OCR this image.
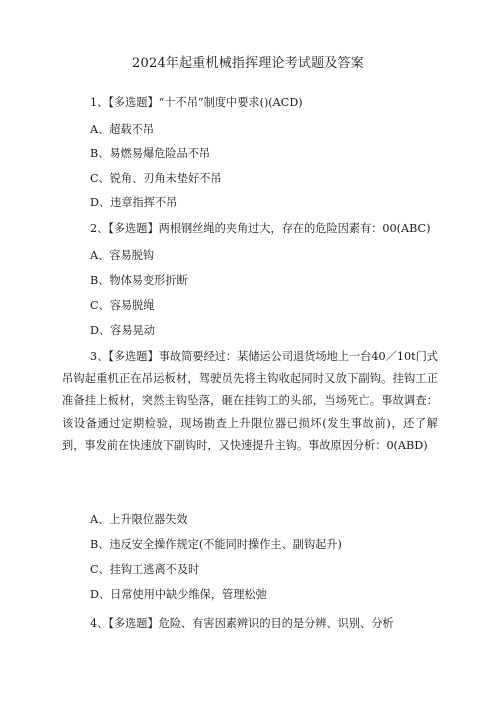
2024年起重机械指挥理论考试题及答案
1、【多选题】“十不吊”制度中要求()(ACD)
A、超载不吊
B、易燃易爆危险品不吊
C、锐角、刃角未垫好不吊
D、违章指挥不吊
2、【多选题】两根钢丝绳的夹角过大，存在的危险因素有：00(ABC)
A、容易脱钩
B、物体易变形折断
C、容易脱绳
D、容易晃动
3、【多选题】事故简要经过：某储运公司退货场地上一台40／10t门式吊钩起重机正在吊运板材，驾驶员先将主钩收起同时又放下副钩。挂钩工正准备挂上板材，突然主钩坠落，砸在挂钩工的头部，当场死亡。事故调查：该设备通过定期检验，现场勘查上升限位器已损坏(发生事故前)，还了解到，事发前在快速放下副钩时，又快速提升主钩。事故原因分析：0(ABD)
A、上升限位器失效
B、违反安全操作规定(不能同时操作主、副钩起升)
C、挂钩工逃离不及时
D、日常使用中缺少维保，管理松弛
4、【多选题】危险、有害因素辨识的目的是分辨、识别、分析
